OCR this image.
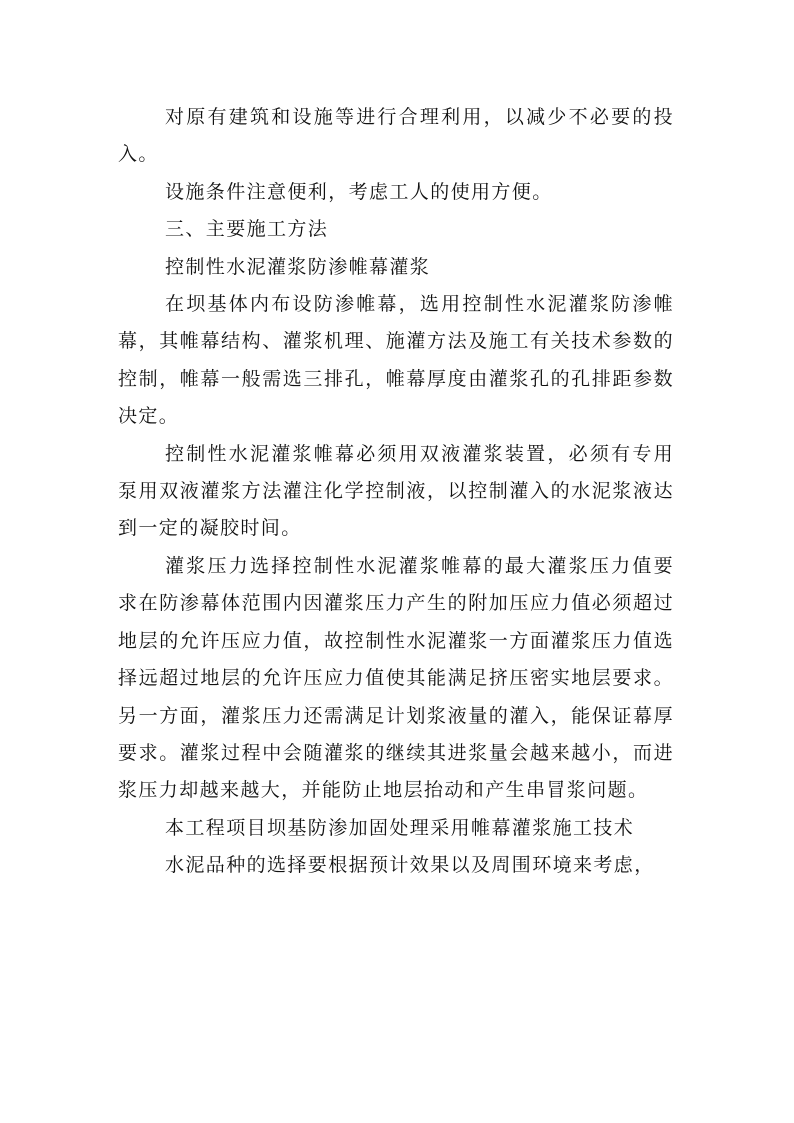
对原有建筑和设施等进行合理利用，以减少不必要的投入。

设施条件注意便利，考虑工人的使用方便。

三、主要施工方法

控制性水泥灌浆防渗帷幕灌浆

在坝基体内布设防渗帷幕，选用控制性水泥灌浆防渗帷幕，其帷幕结构、灌浆机理、施灌方法及施工有关技术参数的控制，帷幕一般需选三排孔，帷幕厚度由灌浆孔的孔排距参数决定。

控制性水泥灌浆帷幕必须用双液灌浆装置，必须有专用泵用双液灌浆方法灌注化学控制液，以控制灌入的水泥浆液达到一定的凝胶时间。

灌浆压力选择控制性水泥灌浆帷幕的最大灌浆压力值要求在防渗幕体范围内因灌浆压力产生的附加压应力值必须超过地层的允许压应力值，故控制性水泥灌浆一方面灌浆压力值选择远超过地层的允许压应力值使其能满足挤压密实地层要求。另一方面，灌浆压力还需满足计划浆液量的灌入，能保证幕厚要求。灌浆过程中会随灌浆的继续其进浆量会越来越小，而进浆压力却越来越大，并能防止地层抬动和产生串冒浆问题。

本工程项目坝基防渗加固处理采用帷幕灌浆施工技术

水泥品种的选择要根据预计效果以及周围环境来考虑，
